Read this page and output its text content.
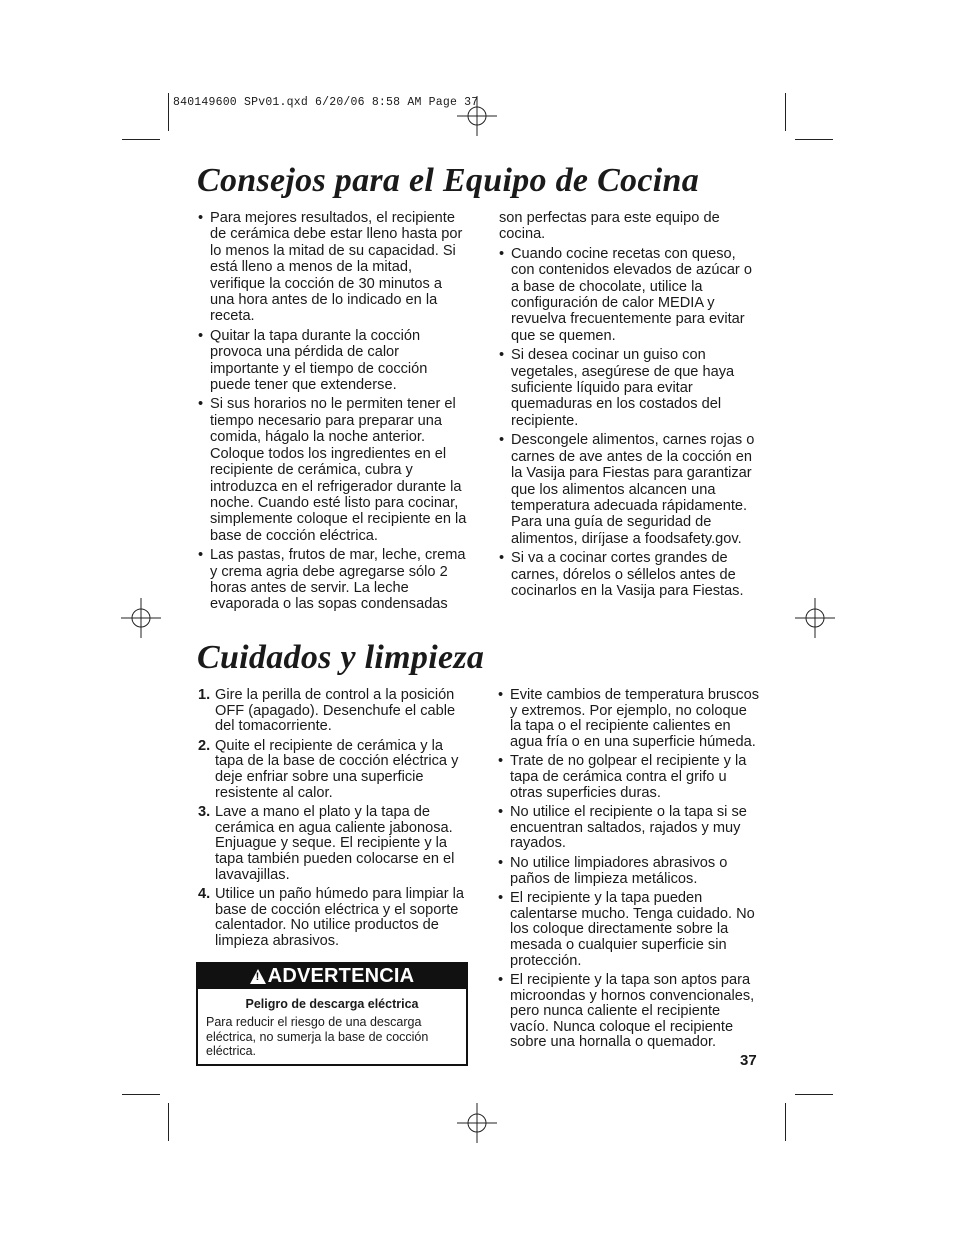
840149600 SPv01.qxd 6/20/06 8:58 AM Page 37
Consejos para el Equipo de Cocina
• Para mejores resultados, el recipiente de cerámica debe estar lleno hasta por lo menos la mitad de su capacidad. Si está lleno a menos de la mitad, verifique la cocción de 30 minutos a una hora antes de lo indicado en la receta.
• Quitar la tapa durante la cocción provoca una pérdida de calor importante y el tiempo de cocción puede tener que extenderse.
• Si sus horarios no le permiten tener el tiempo necesario para preparar una comida, hágalo la noche anterior. Coloque todos los ingredientes en el recipiente de cerámica, cubra y introduzca en el refrigerador durante la noche. Cuando esté listo para cocinar, simplemente coloque el recipiente en la base de cocción eléctrica.
• Las pastas, frutos de mar, leche, crema y crema agria debe agregarse sólo 2 horas antes de servir. La leche evaporada o las sopas condensadas
son perfectas para este equipo de cocina.
• Cuando cocine recetas con queso, con contenidos elevados de azúcar o a base de chocolate, utilice la configuración de calor MEDIA y revuelva frecuentemente para evitar que se quemen.
• Si desea cocinar un guiso con vegetales, asegúrese de que haya suficiente líquido para evitar quemaduras en los costados del recipiente.
• Descongele alimentos, carnes rojas o carnes de ave antes de la cocción en la Vasija para Fiestas para garantizar que los alimentos alcancen una temperatura adecuada rápidamente. Para una guía de seguridad de alimentos, diríjase a foodsafety.gov.
• Si va a cocinar cortes grandes de carnes, dórelos o séllelos antes de cocinarlos en la Vasija para Fiestas.
Cuidados y limpieza
1. Gire la perilla de control a la posición OFF (apagado). Desenchufe el cable del tomacorriente.
2. Quite el recipiente de cerámica y la tapa de la base de cocción eléctrica y deje enfriar sobre una superficie resistente al calor.
3. Lave a mano el plato y la tapa de cerámica en agua caliente jabonosa. Enjuague y seque. El recipiente y la tapa también pueden colocarse en el lavavajillas.
4. Utilice un paño húmedo para limpiar la base de cocción eléctrica y el soporte calentador. No utilice productos de limpieza abrasivos.
! ADVERTENCIA
Peligro de descarga eléctrica
Para reducir el riesgo de una descarga eléctrica, no sumerja la base de cocción eléctrica.
• Evite cambios de temperatura bruscos y extremos. Por ejemplo, no coloque la tapa o el recipiente calientes en agua fría o en una superficie húmeda.
• Trate de no golpear el recipiente y la tapa de cerámica contra el grifo u otras superficies duras.
• No utilice el recipiente o la tapa si se encuentran saltados, rajados y muy rayados.
• No utilice limpiadores abrasivos o paños de limpieza metálicos.
• El recipiente y la tapa pueden calentarse mucho. Tenga cuidado. No los coloque directamente sobre la mesada o cualquier superficie sin protección.
• El recipiente y la tapa son aptos para microondas y hornos convencionales, pero nunca caliente el recipiente vacío. Nunca coloque el recipiente sobre una hornalla o quemador.
37
